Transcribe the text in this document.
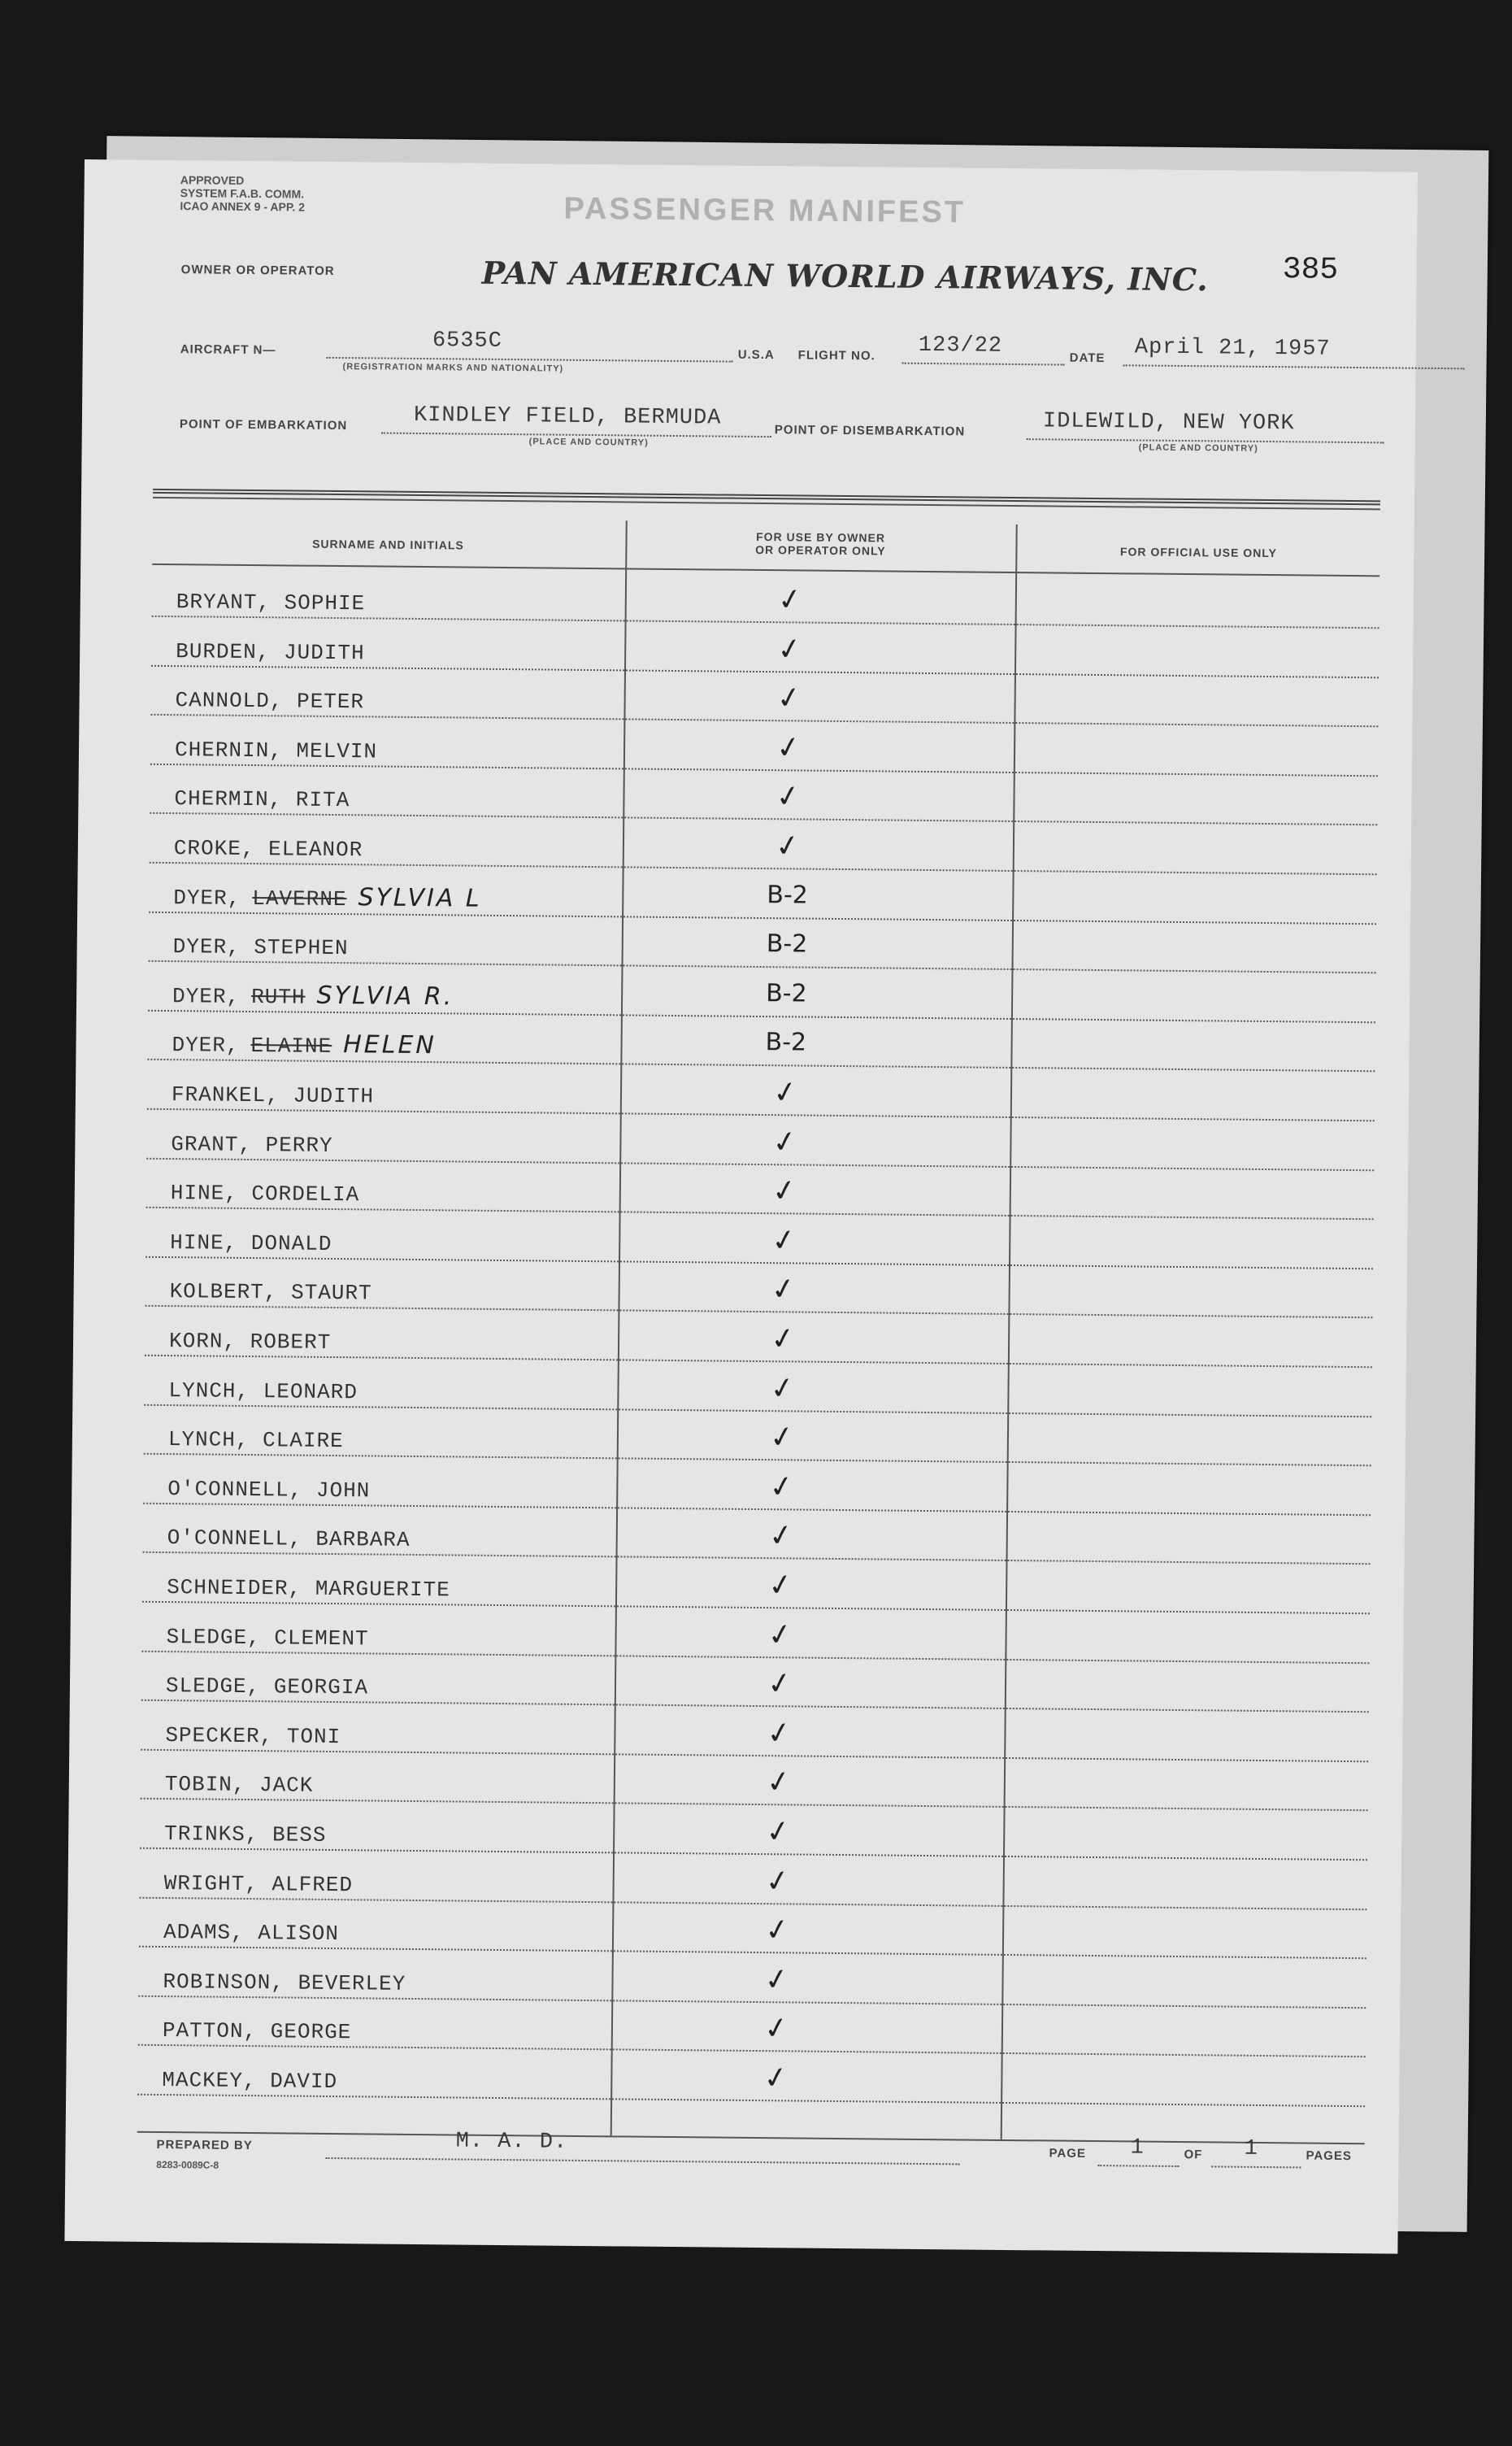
APPROVED
SYSTEM F.A.B. COMM.
ICAO ANNEX 9 - APP. 2	PASSENGER MANIFEST
OWNER OR OPERATOR	PAN AMERICAN WORLD AIRWAYS, INC. 385
AIRCRAFT N—	6535C
(REGISTRATION MARKS AND NATIONALITY)
U.S.A FLIGHT NO. 123/22	DATE April 21, 1957
POINT OF EMBARKATION	KINDLEY FIELD, BERMUDA
(PLACE AND COUNTRY)
POINT OF DISEMBARKATION	IDLEWILD, NEW YORK
(PLACE AND COUNTRY)
SURNAME AND INITIALS	FOR USE BY OWNER
OR OPERATOR ONLY	FOR OFFICIAL USE ONLY
BRYANT, SOPHIE	✓
BURDEN, JUDITH	✓
CANNOLD, PETER	✓
CHERNIN, MELVIN	✓
CHERMIN, RITA	✓
CROKE, ELEANOR	✓
DYER, LAVERNE SYLVIA L	B-2
DYER, STEPHEN	B-2
DYER, RUTH SYLVIA R.	B-2
DYER, ELAINE HELEN	B-2
FRANKEL, JUDITH	✓
GRANT, PERRY	✓
HINE, CORDELIA	✓
HINE, DONALD	✓
KOLBERT, STAURT	✓
KORN, ROBERT	✓
LYNCH, LEONARD	✓
LYNCH, CLAIRE	✓
O'CONNELL, JOHN	✓
O'CONNELL, BARBARA	✓
SCHNEIDER, MARGUERITE	✓
SLEDGE, CLEMENT	✓
SLEDGE, GEORGIA	✓
SPECKER, TONI	✓
TOBIN, JACK	✓
TRINKS, BESS	✓
WRIGHT, ALFRED	✓
ADAMS, ALISON	✓
ROBINSON, BEVERLEY	✓
PATTON, GEORGE	✓
MACKEY, DAVID	✓
PREPARED BY	M. A. D.	PAGE 1	OF 1	PAGES
8283-0089C-8
